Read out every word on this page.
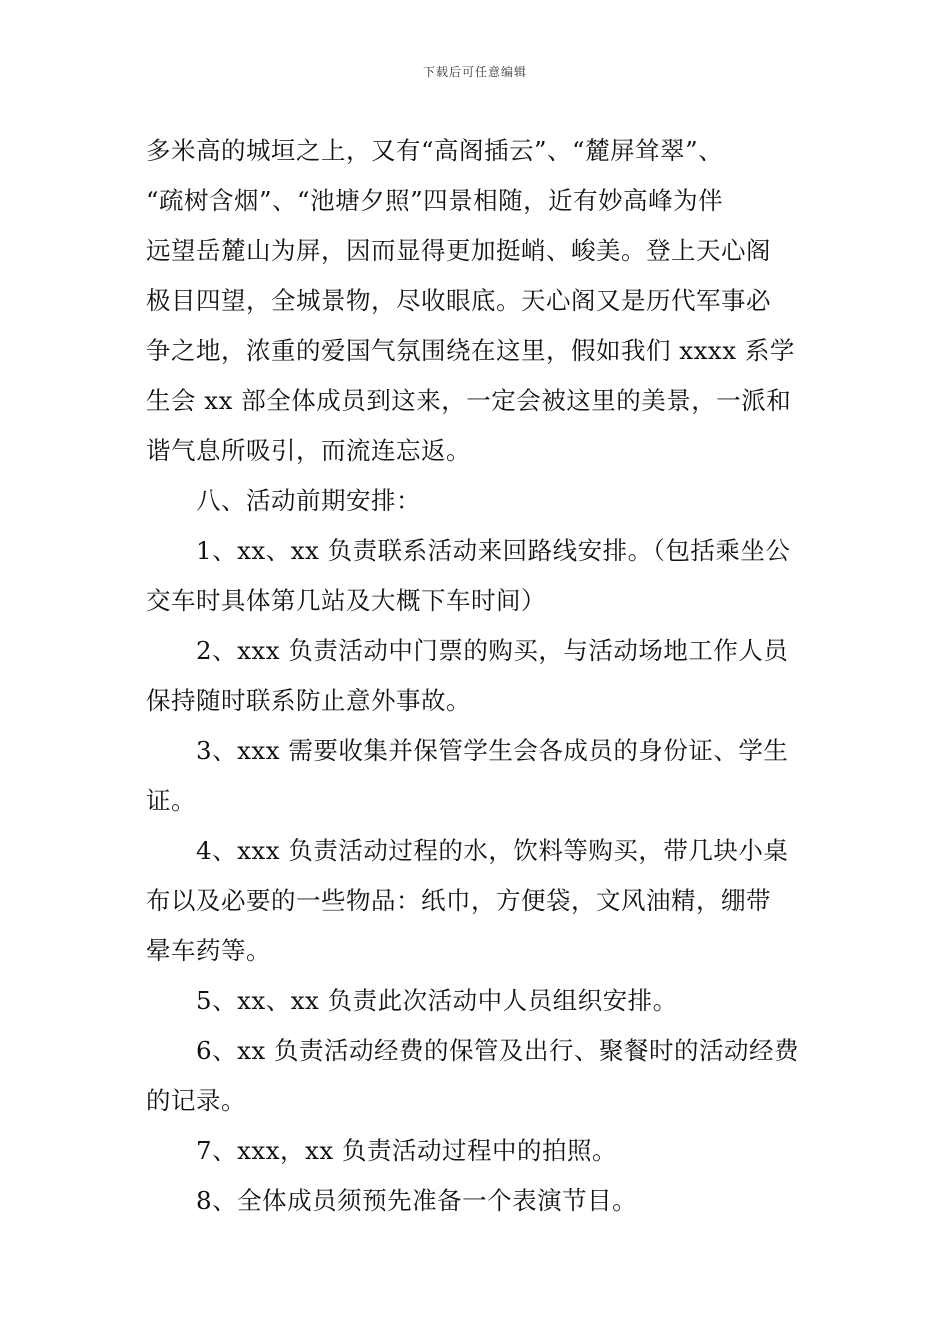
下载后可任意编辑
多米高的城垣之上，又有“高阁插云”、“麓屏耸翠”、
“疏树含烟”、“池塘夕照”四景相随，近有妙高峰为伴
远望岳麓山为屏，因而显得更加挺峭、峻美。登上天心阁
极目四望，全城景物，尽收眼底。天心阁又是历代军事必
争之地，浓重的爱国气氛围绕在这里，假如我们 xxxx 系学
生会 xx 部全体成员到这来，一定会被这里的美景，一派和
谐气息所吸引，而流连忘返。
八、活动前期安排：
1、xx、xx 负责联系活动来回路线安排。（包括乘坐公
交车时具体第几站及大概下车时间）
2、xxx 负责活动中门票的购买，与活动场地工作人员
保持随时联系防止意外事故。
3、xxx 需要收集并保管学生会各成员的身份证、学生
证。
4、xxx 负责活动过程的水，饮料等购买，带几块小桌
布以及必要的一些物品：纸巾，方便袋，文风油精，绷带
晕车药等。
5、xx、xx 负责此次活动中人员组织安排。
6、xx 负责活动经费的保管及出行、聚餐时的活动经费
的记录。
7、xxx，xx 负责活动过程中的拍照。
8、全体成员须预先准备一个表演节目。
